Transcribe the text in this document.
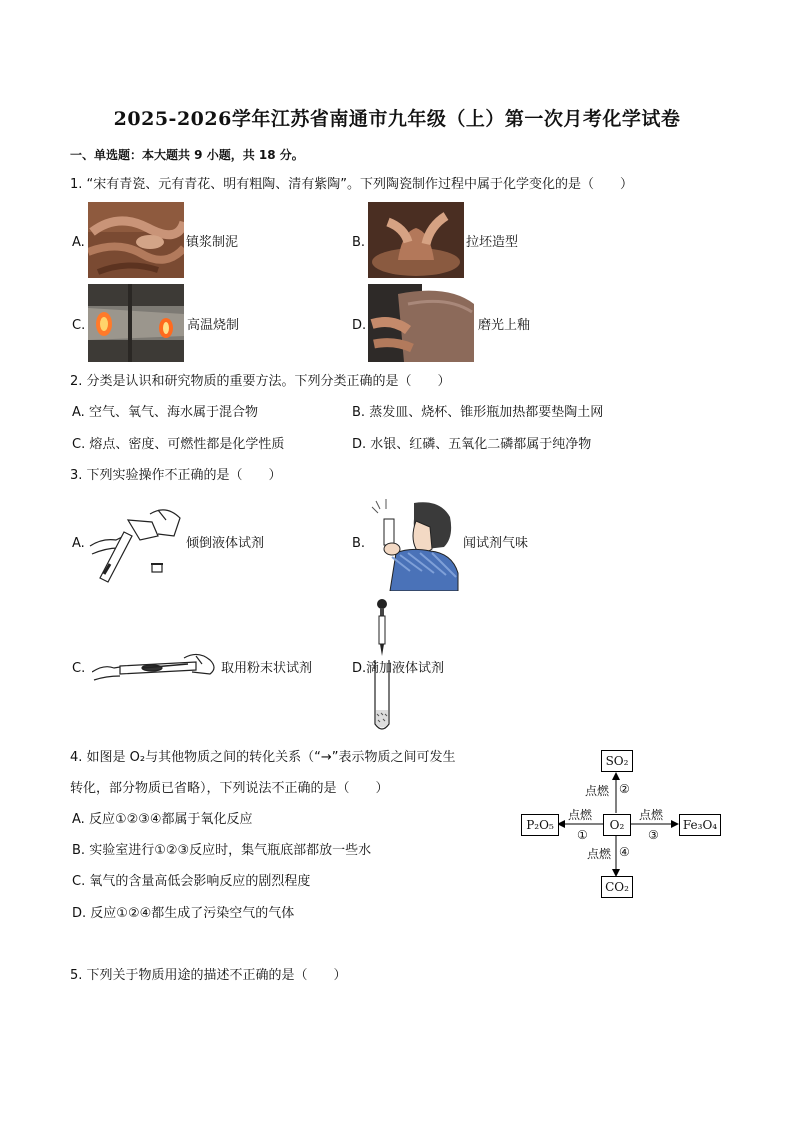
2025-2026学年江苏省南通市九年级（上）第一次月考化学试卷
一、单选题：本大题共 9 小题，共 18 分。
1. “宋有青瓷、元有青花、明有粗陶、清有紫陶”。下列陶瓷制作过程中属于化学变化的是（　　）
A.	镇浆制泥	B.	拉坯造型
C.	高温烧制	D.	磨光上釉
2. 分类是认识和研究物质的重要方法。下列分类正确的是（　　）
A. 空气、氧气、海水属于混合物	B. 蒸发皿、烧杯、锥形瓶加热都要垫陶土网
C. 熔点、密度、可燃性都是化学性质	D. 水银、红磷、五氧化二磷都属于纯净物
3. 下列实验操作不正确的是（　　）
A.	倾倒液体试剂	B.	闻试剂气味
C.	取用粉末状试剂	D. 滴加液体试剂
4. 如图是 O₂与其他物质之间的转化关系（“→”表示物质之间可发生
转化，部分物质已省略），下列说法不正确的是（　　）
A. 反应①②③④都属于氧化反应
B. 实验室进行①②③反应时，集气瓶底部都放一些水
C. 氧气的含量高低会影响反应的剧烈程度
D. 反应①②④都生成了污染空气的气体
SO₂
P₂O₅	O₂	Fe₃O₄
CO₂
点燃 ②
点燃
①
点燃
③
点燃 ④
5. 下列关于物质用途的描述不正确的是（　　）
